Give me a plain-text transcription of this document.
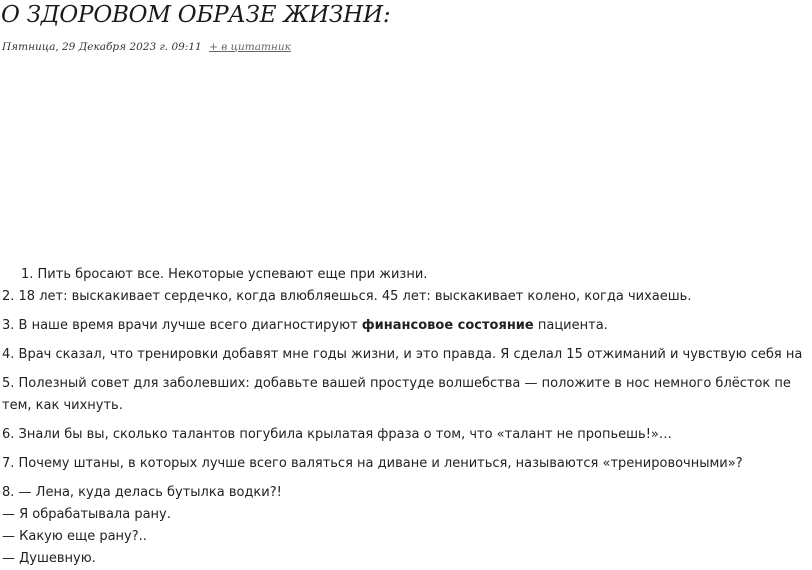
О ЗДОРОВОМ ОБРАЗЕ ЖИЗНИ:
Пятница, 29 Декабря 2023 г. 09:11 + в цитатник

1. Пить бросают все. Некоторые успевают еще при жизни.

2. 18 лет: выскакивает сердечко, когда влюбляешься. 45 лет: выскакивает колено, когда чихаешь.

3. В наше время врачи лучше всего диагностируют финансовое состояние пациента.

4. Врач сказал, что тренировки добавят мне годы жизни, и это правда. Я сделал 15 отжиманий и чувствую себя на

5. Полезный совет для заболевших: добавьте вашей простуде волшебства — положите в нос немного блёсток пе

тем, как чихнуть.

6. Знали бы вы, сколько талантов погубила крылатая фраза о том, что «талант не пропьешь!»…

7. Почему штаны, в которых лучше всего валяться на диване и лениться, называются «тренировочными»?

8. — Лена, куда делась бутылка водки?!

— Я обрабатывала рану.

— Какую еще рану?..

— Душевную.
